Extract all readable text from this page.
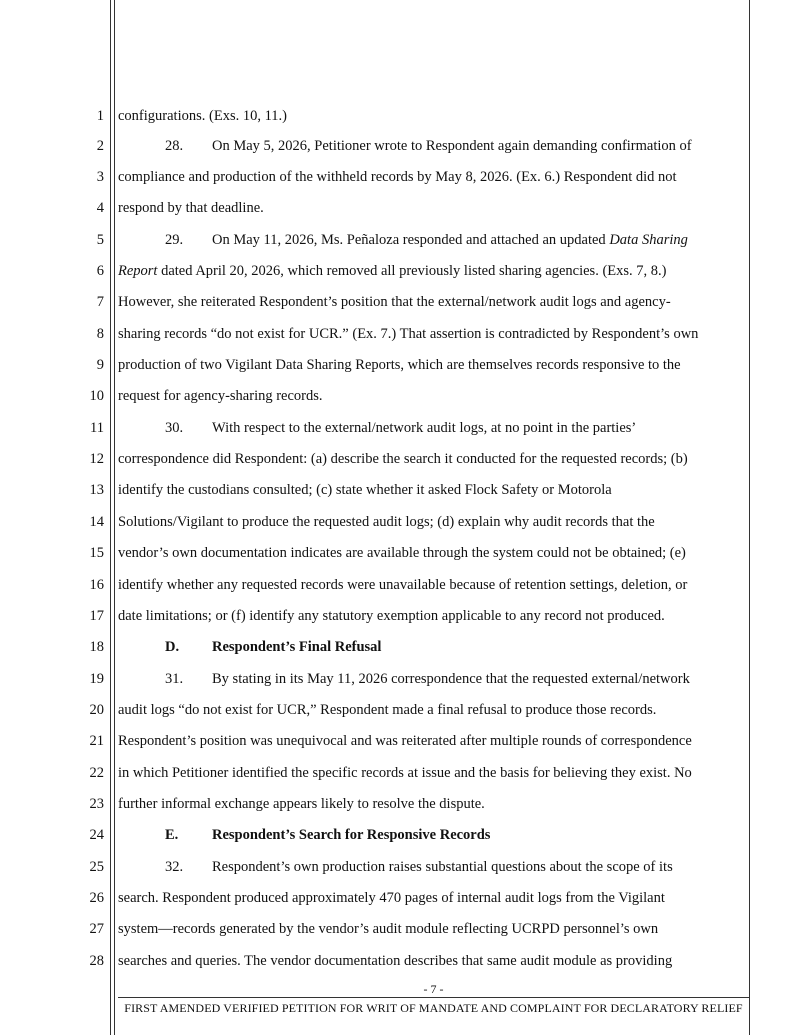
1
2
3
4
5
6
7
8
9
10
11
12
13
14
15
16
17
18
19
20
21
22
23
24
25
26
27
28
configurations. (Exs. 10, 11.)
28. On May 5, 2026, Petitioner wrote to Respondent again demanding confirmation of
compliance and production of the withheld records by May 8, 2026. (Ex. 6.) Respondent did not
respond by that deadline.
29. On May 11, 2026, Ms. Peñaloza responded and attached an updated Data Sharing
Report dated April 20, 2026, which removed all previously listed sharing agencies. (Exs. 7, 8.)
However, she reiterated Respondent’s position that the external/network audit logs and agency-
sharing records “do not exist for UCR.” (Ex. 7.) That assertion is contradicted by Respondent’s own
production of two Vigilant Data Sharing Reports, which are themselves records responsive to the
request for agency-sharing records.
30. With respect to the external/network audit logs, at no point in the parties’
correspondence did Respondent: (a) describe the search it conducted for the requested records; (b)
identify the custodians consulted; (c) state whether it asked Flock Safety or Motorola
Solutions/Vigilant to produce the requested audit logs; (d) explain why audit records that the
vendor’s own documentation indicates are available through the system could not be obtained; (e)
identify whether any requested records were unavailable because of retention settings, deletion, or
date limitations; or (f) identify any statutory exemption applicable to any record not produced.
D. Respondent’s Final Refusal
31. By stating in its May 11, 2026 correspondence that the requested external/network
audit logs “do not exist for UCR,” Respondent made a final refusal to produce those records.
Respondent’s position was unequivocal and was reiterated after multiple rounds of correspondence
in which Petitioner identified the specific records at issue and the basis for believing they exist. No
further informal exchange appears likely to resolve the dispute.
E. Respondent’s Search for Responsive Records
32. Respondent’s own production raises substantial questions about the scope of its
search. Respondent produced approximately 470 pages of internal audit logs from the Vigilant
system—records generated by the vendor’s audit module reflecting UCRPD personnel’s own
searches and queries. The vendor documentation describes that same audit module as providing
- 7 -
FIRST AMENDED VERIFIED PETITION FOR WRIT OF MANDATE AND COMPLAINT FOR DECLARATORY RELIEF
